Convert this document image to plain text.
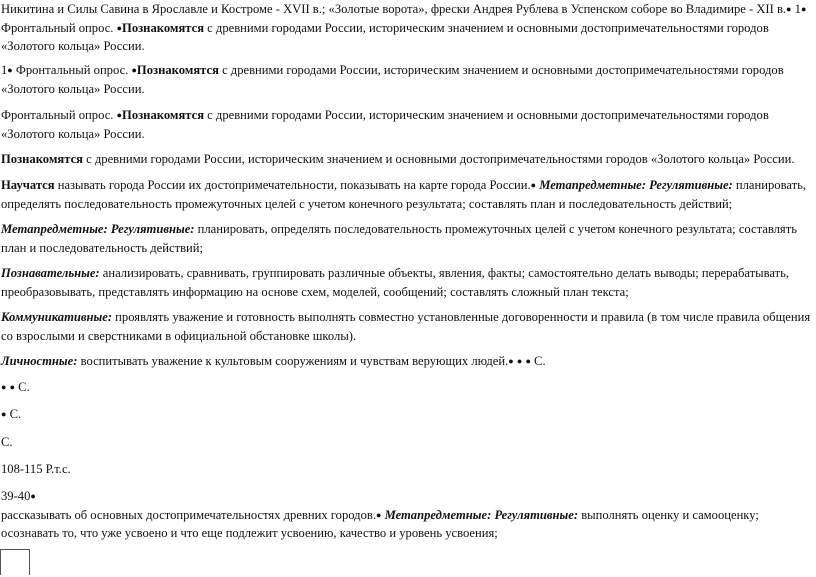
Никитина и Силы Савина в Ярославле и Костроме - XVII в.; «Золотые ворота», фрески Андрея Рублева в Успенском соборе во Владимире - XII в.● 1● Фронтальный опрос. ●Познакомятся с древними городами России, историческим значением и основными достопримечательностями городов «Золотого кольца» России.

1● Фронтальный опрос. ●Познакомятся с древними городами России, историческим значением и основными достопримечательностями городов «Золотого кольца» России.

Фронтальный опрос. ●Познакомятся с древними городами России, историческим значением и основными достопримечательностями городов «Золотого кольца» России.

Познакомятся с древними городами России, историческим значением и основными достопримечательностями городов «Золотого кольца» России.

Научатся называть города России их достопримечательности, показывать на карте города России.● Метапредметные: Регулятивные: планировать, определять последовательность промежуточных целей с учетом конечного результата; составлять план и последовательность действий;

Метапредметные: Регулятивные: планировать, определять последовательность промежуточных целей с учетом конечного результата; составлять план и последовательность действий;

Познавательные: анализировать, сравнивать, группировать различные объекты, явления, факты; самостоятельно делать выводы; перерабатывать, преобразовывать, представлять информацию на основе схем, моделей, сообщений; составлять сложный план текста;

Коммуникативные: проявлять уважение и готовность выполнять совместно установленные договоренности и правила (в том числе правила общения со взрослыми и сверстниками в официальной обстановке школы).

Личностные: воспитывать уважение к культовым сооружениям и чувствам верующих людей.● ● ● С.

● ● С.

● С.

С.

108-115 Р.т.с.

39-40●
рассказывать об основных достопримечательностях древних городов.● Метапредметные: Регулятивные: выполнять оценку и самооценку; осознавать то, что уже усвоено и что еще подлежит усвоению, качество и уровень усвоения;
